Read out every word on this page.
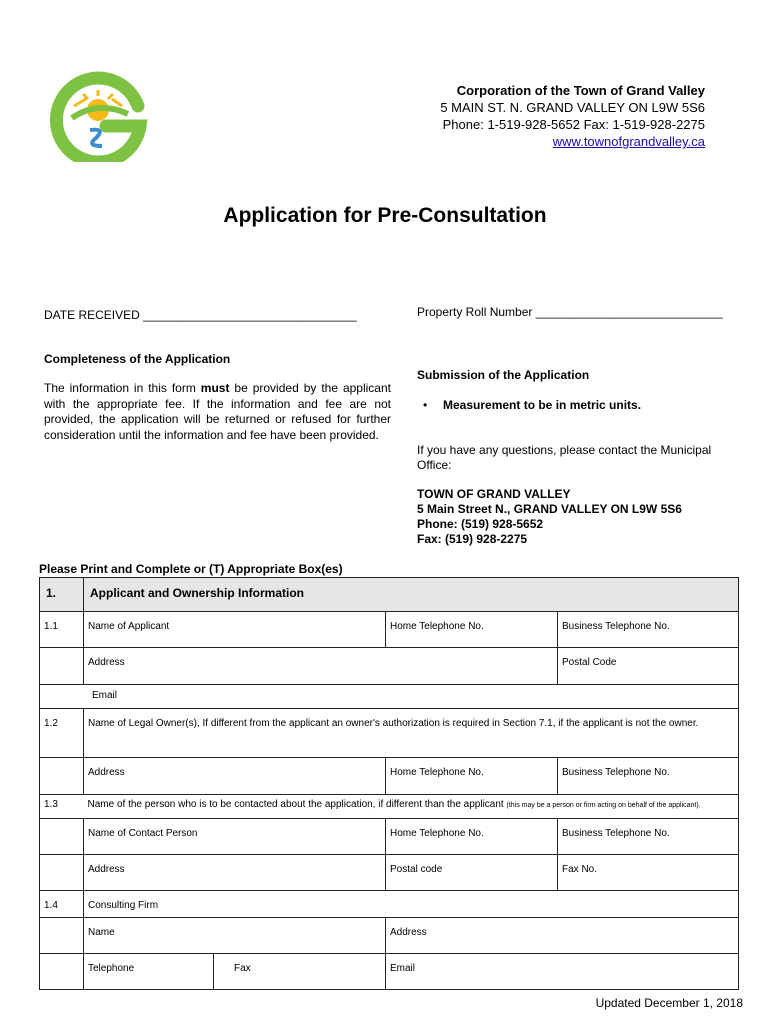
Corporation of the Town of Grand Valley
5 MAIN ST. N. GRAND VALLEY ON L9W 5S6
Phone: 1-519-928-5652 Fax: 1-519-928-2275
www.townofgrandvalley.ca
Application for Pre-Consultation
DATE RECEIVED ________________________________	Property Roll Number ____________________________
Completeness of the Application
The information in this form must be provided by the applicant with the appropriate fee. If the information and fee are not provided, the application will be returned or refused for further consideration until the information and fee have been provided.
Submission of the Application
• Measurement to be in metric units.
If you have any questions, please contact the Municipal Office:
TOWN OF GRAND VALLEY
5 Main Street N., GRAND VALLEY ON L9W 5S6
Phone: (519) 928-5652
Fax: (519) 928-2275
Please Print and Complete or (T) Appropriate Box(es)
1.	Applicant and Ownership Information			
1.1	Name of Applicant		Home Telephone No.	Business Telephone No.
	Address			Postal Code
Email				
1.2	Name of Legal Owner(s), If different from the applicant an owner's authorization is required in Section 7.1, if the applicant is not the owner.			
	Address		Home Telephone No.	Business Telephone No.
1.3	Name of the person who is to be contacted about the application, if different than the applicant (this may be a person or firm acting on behalf of the applicant).			
	Name of Contact Person		Home Telephone No.	Business Telephone No.
	Address		Postal code	Fax No.
1.4	Consulting Firm			
	Name		Address	
	Telephone	Fax	Email	
Updated December 1, 2018
